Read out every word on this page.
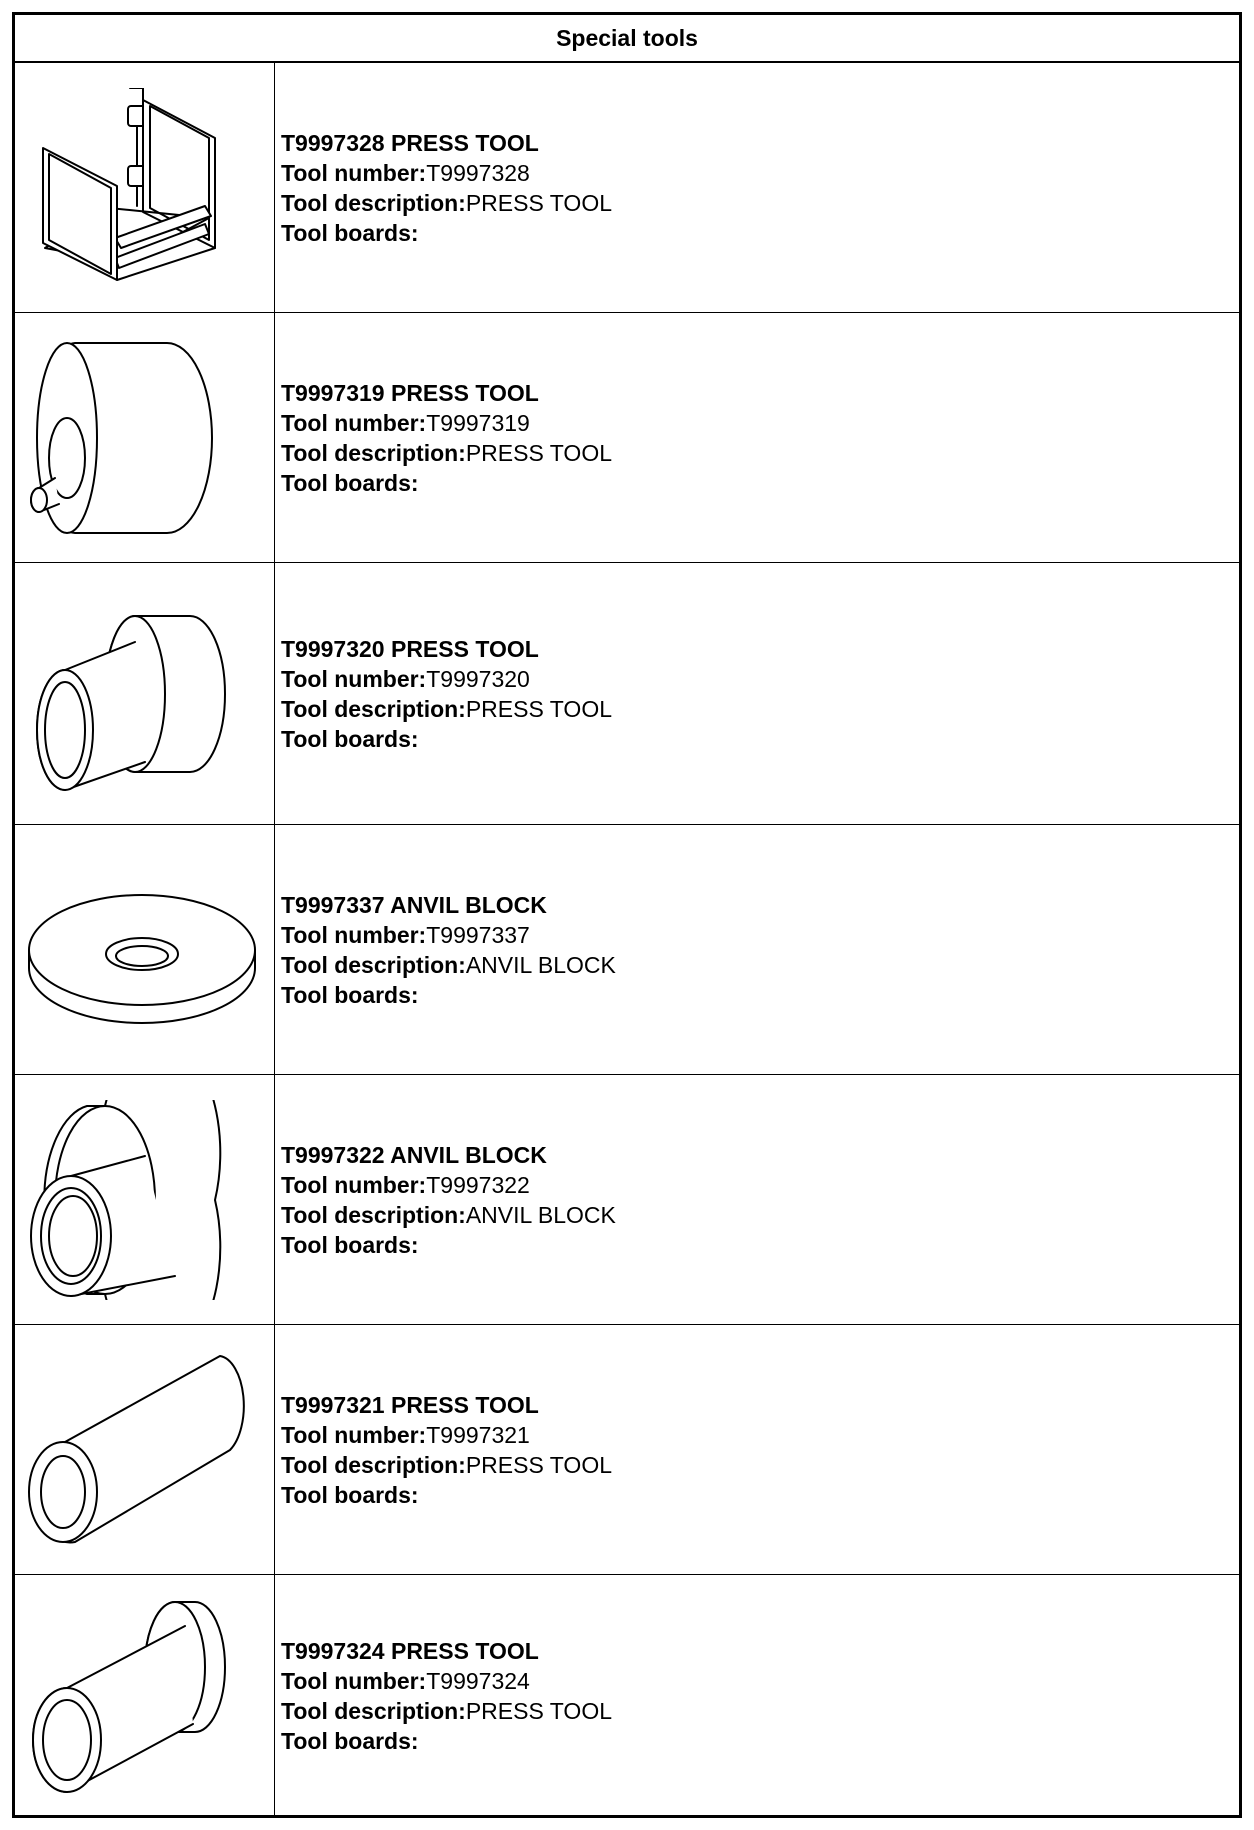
Special tools
T9997328 PRESS TOOL
Tool number:T9997328
Tool description:PRESS TOOL
Tool boards:
T9997319 PRESS TOOL
Tool number:T9997319
Tool description:PRESS TOOL
Tool boards:
T9997320 PRESS TOOL
Tool number:T9997320
Tool description:PRESS TOOL
Tool boards:
T9997337 ANVIL BLOCK
Tool number:T9997337
Tool description:ANVIL BLOCK
Tool boards:
T9997322 ANVIL BLOCK
Tool number:T9997322
Tool description:ANVIL BLOCK
Tool boards:
T9997321 PRESS TOOL
Tool number:T9997321
Tool description:PRESS TOOL
Tool boards:
T9997324 PRESS TOOL
Tool number:T9997324
Tool description:PRESS TOOL
Tool boards:
